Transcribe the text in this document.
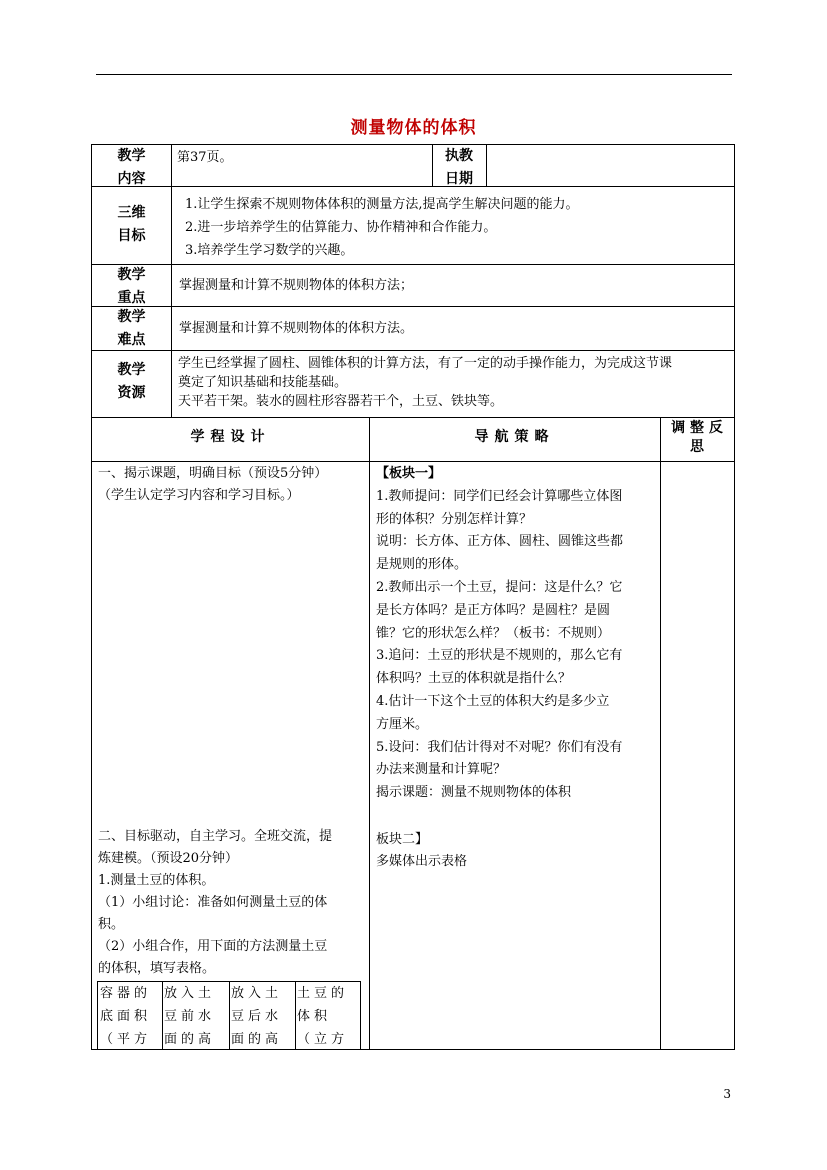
测量物体的体积
教学
内容
第37页。	执教
日期
三维
目标
1.让学生探索不规则物体体积的测量方法,提高学生解决问题的能力。
2.进一步培养学生的估算能力、协作精神和合作能力。
3.培养学生学习数学的兴趣。
教学
重点
掌握测量和计算不规则物体的体积方法；
教学
难点
掌握测量和计算不规则物体的体积方法。
教学
资源
学生已经掌握了圆柱、圆锥体积的计算方法，有了一定的动手操作能力，为完成这节课
奠定了知识基础和技能基础。
天平若干架。装水的圆柱形容器若干个，土豆、铁块等。
学程设计	导航策略
调 整 反
思
一、揭示课题，明确目标（预设5分钟）
（学生认定学习内容和学习目标。）
二、目标驱动，自主学习。全班交流，提
炼建模。（预设20分钟）
1.测量土豆的体积。
（1）小组讨论：准备如何测量土豆的体
积。
（2）小组合作，用下面的方法测量土豆
的体积，填写表格。
容器的
底面积
（平方
放入土
豆前水
面的高
放入土
豆后水
面的高
土豆的
体积
（立方
【板块一】
1.教师提问：同学们已经会计算哪些立体图
形的体积？分别怎样计算？
说明：长方体、正方体、圆柱、圆锥这些都
是规则的形体。
2.教师出示一个土豆，提问：这是什么？它
是长方体吗？是正方体吗？是圆柱？是圆
锥？它的形状怎么样？（板书：不规则）
3.追问：土豆的形状是不规则的，那么它有
体积吗？土豆的体积就是指什么？
4.估计一下这个土豆的体积大约是多少立
方厘米。
5.设问：我们估计得对不对呢？你们有没有
办法来测量和计算呢？
揭示课题：测量不规则物体的体积
板块二】
多媒体出示表格
3
